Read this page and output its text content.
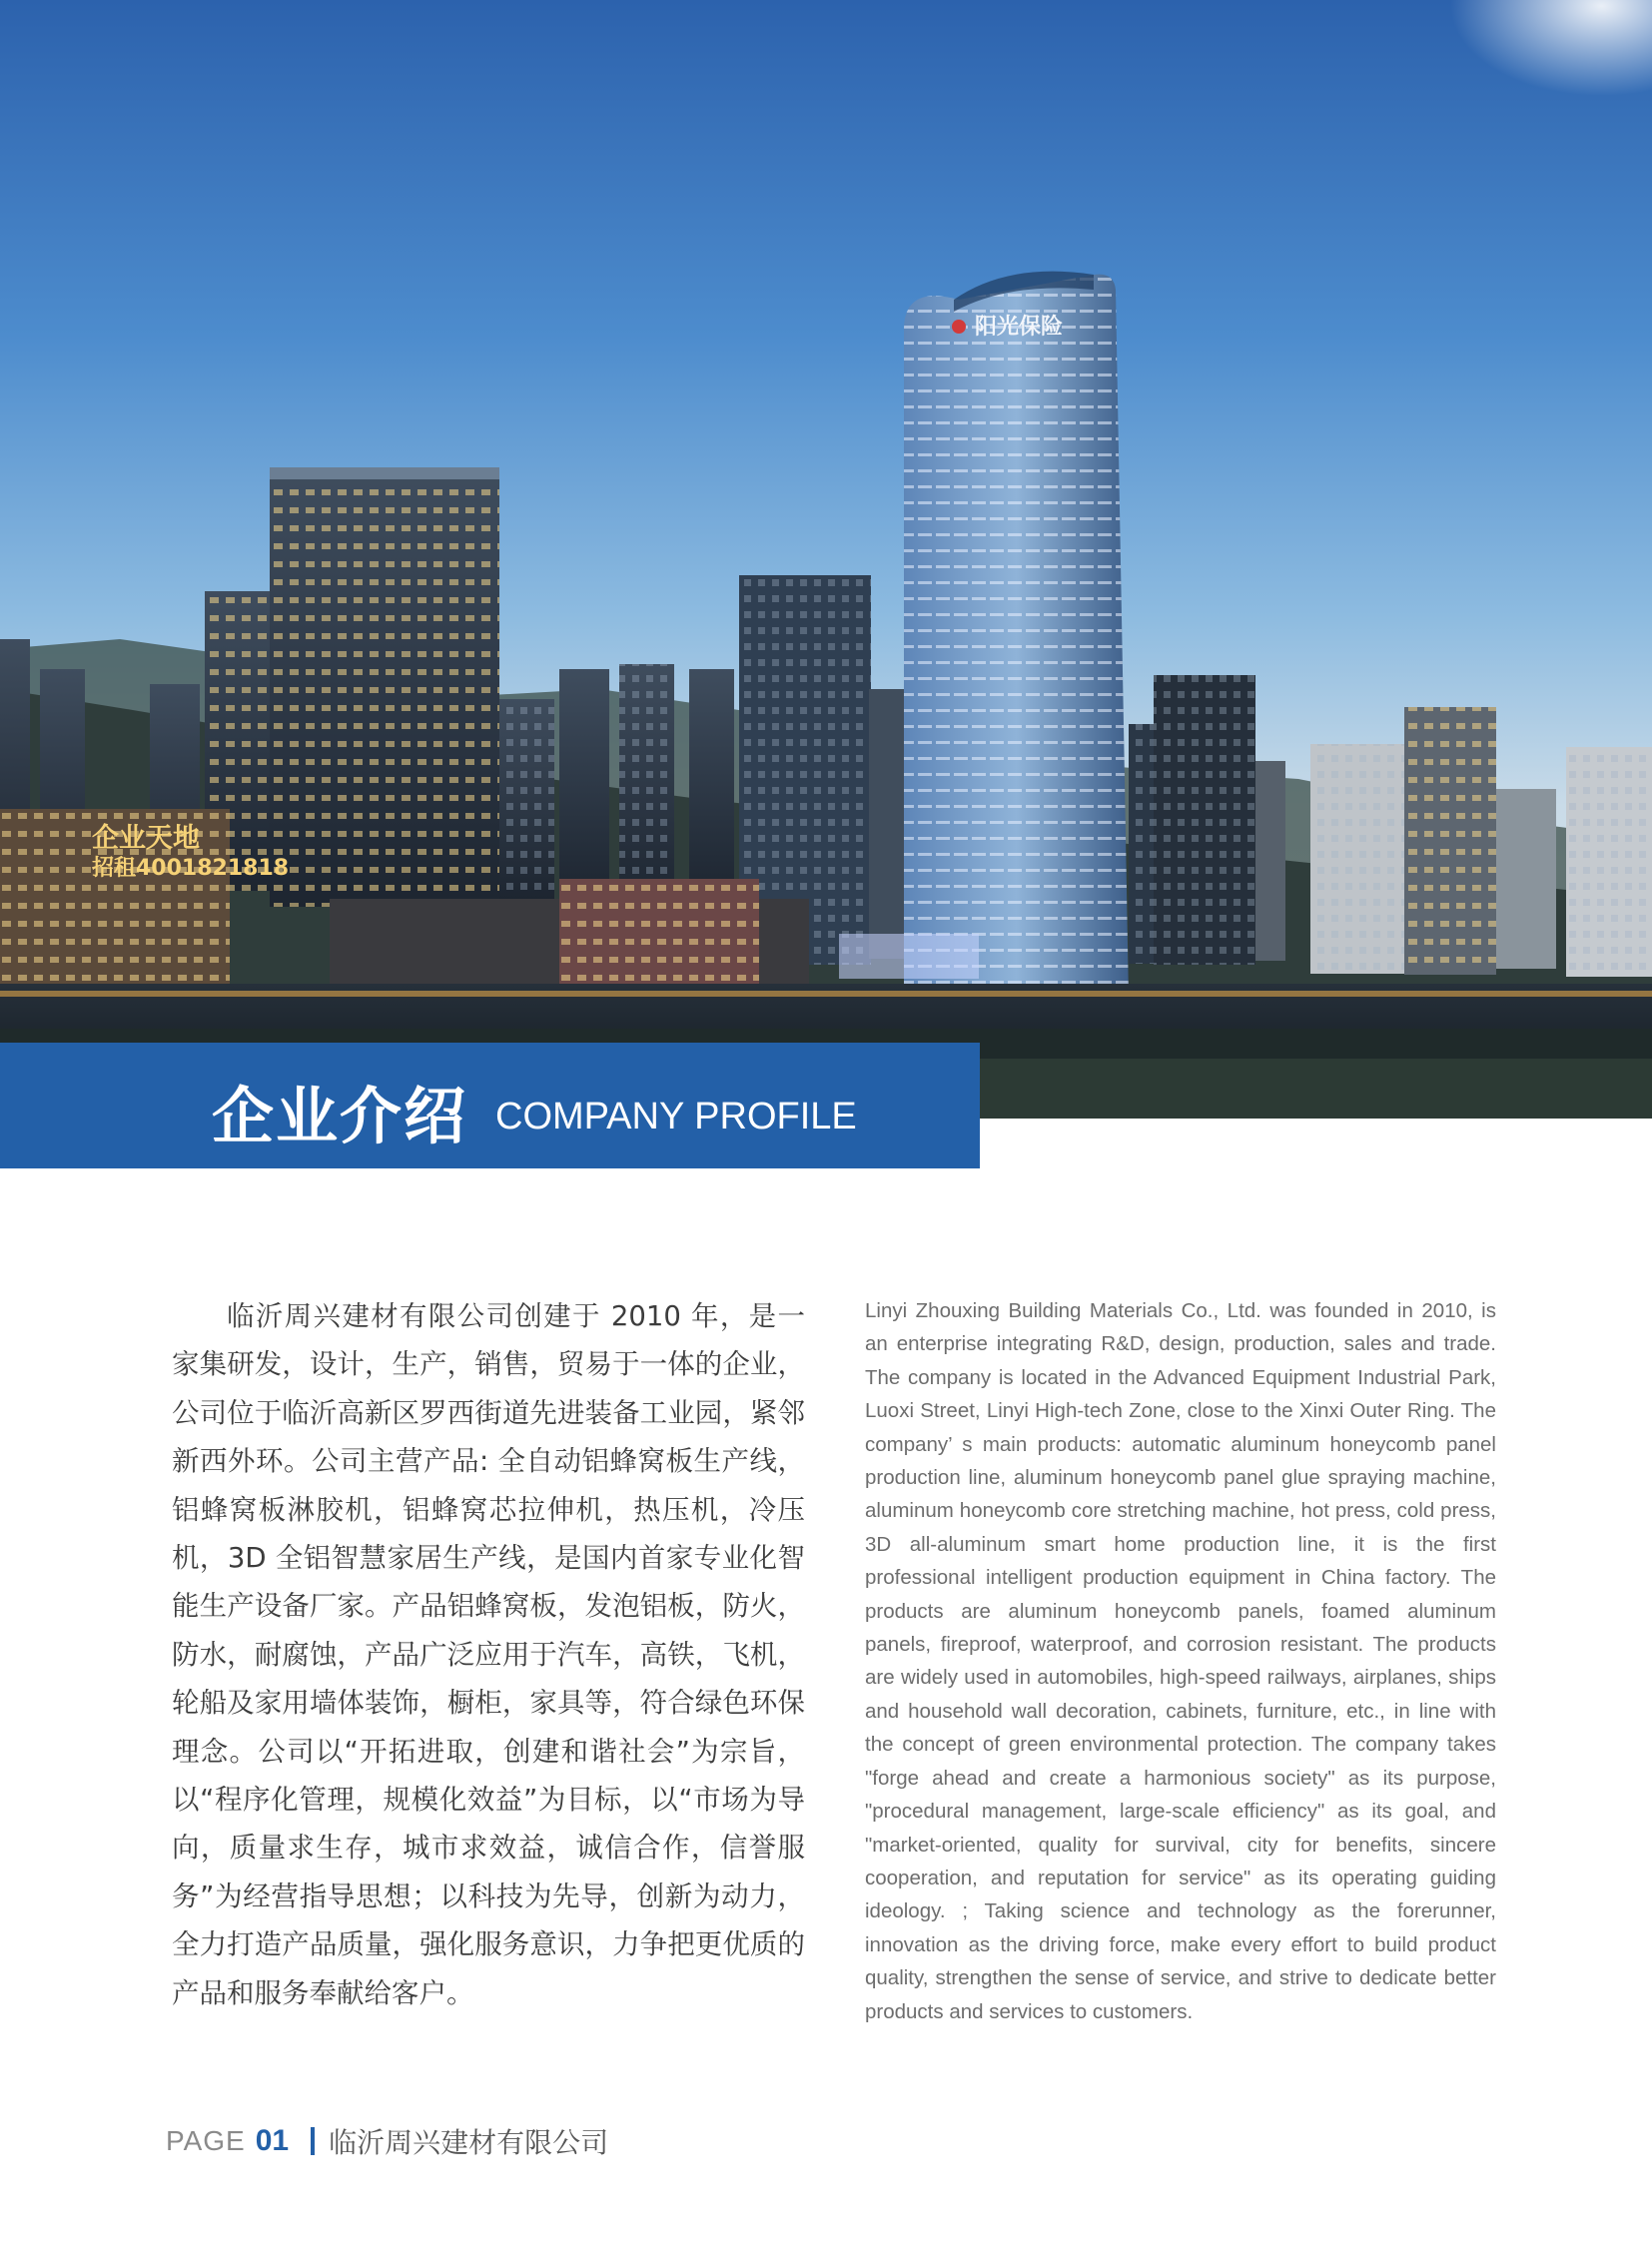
企业天地
招租4001821818
阳光保险
企业介绍 COMPANY PROFILE

临沂周兴建材有限公司创建于 2010 年，是一家集研发，设计，生产，销售，贸易于一体的企业，公司位于临沂高新区罗西街道先进装备工业园，紧邻新西外环。公司主营产品: 全自动铝蜂窝板生产线，铝蜂窝板淋胶机，铝蜂窝芯拉伸机，热压机，冷压机，3D 全铝智慧家居生产线，是国内首家专业化智能生产设备厂家。产品铝蜂窝板，发泡铝板，防火，防水，耐腐蚀，产品广泛应用于汽车，高铁，飞机，轮船及家用墙体装饰，橱柜，家具等，符合绿色环保理念。公司以“开拓进取，创建和谐社会”为宗旨，以“程序化管理，规模化效益”为目标，以“市场为导向，质量求生存，城市求效益，诚信合作，信誉服务”为经营指导思想；以科技为先导，创新为动力，全力打造产品质量，强化服务意识，力争把更优质的产品和服务奉献给客户。

Linyi Zhouxing Building Materials Co., Ltd. was founded in 2010, is an enterprise integrating R&D, design, production, sales and trade. The company is located in the Advanced Equipment Industrial Park, Luoxi Street, Linyi High-tech Zone, close to the Xinxi Outer Ring. The company’ s main products: automatic aluminum honeycomb panel production line, aluminum honeycomb panel glue spraying machine, aluminum honeycomb core stretching machine, hot press, cold press, 3D all-aluminum smart home production line, it is the first professional intelligent production equipment in China factory. The products are aluminum honeycomb panels, foamed aluminum panels, fireproof, waterproof, and corrosion resistant. The products are widely used in automobiles, high-speed railways, airplanes, ships and household wall decoration, cabinets, furniture, etc., in line with the concept of green environmental protection. The company takes "forge ahead and create a harmonious society" as its purpose, "procedural management, large-scale efficiency" as its goal, and "market-oriented, quality for survival, city for benefits, sincere cooperation, and reputation for service" as its operating guiding ideology. ; Taking science and technology as the forerunner, innovation as the driving force, make every effort to build product quality, strengthen the sense of service, and strive to dedicate better products and services to customers.

PAGE 01 临沂周兴建材有限公司
